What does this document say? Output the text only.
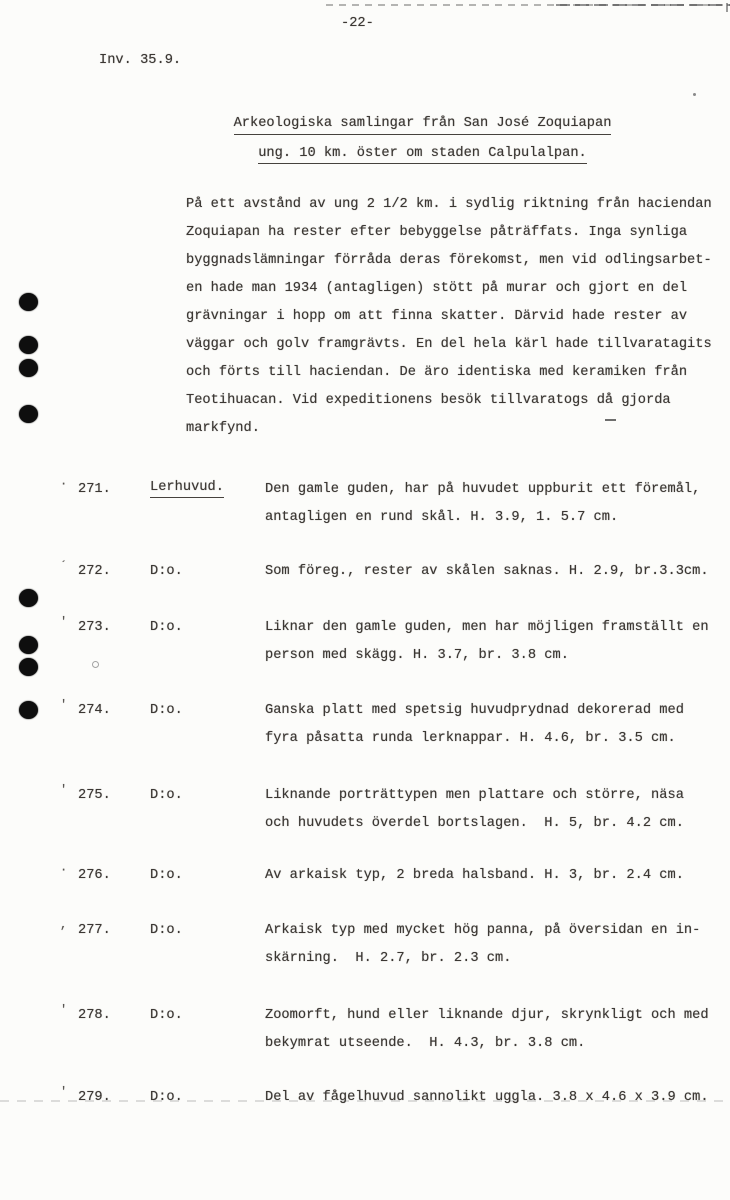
-22-
Inv. 35.9.
Arkeologiska samlingar från San José Zoquiapan
ung. 10 km. öster om staden Calpulalpan.
På ett avstånd av ung 2 1/2 km. i sydlig riktning från haciendan
Zoquiapan ha rester efter bebyggelse påträffats. Inga synliga
byggnadslämningar förråda deras förekomst, men vid odlingsarbet-
en hade man 1934 (antagligen) stött på murar och gjort en del
grävningar i hopp om att finna skatter. Därvid hade rester av
väggar och golv framgrävts. En del hela kärl hade tillvaratagits
och förts till haciendan. De äro identiska med keramiken från
Teotihuacan. Vid expeditionens besök tillvaratogs då gjorda
markfynd.
· 271.	Lerhuvud.	Den gamle guden, har på huvudet uppburit ett föremål,
antagligen en rund skål. H. 3.9, 1. 5.7 cm.
´ 272.	D:o.	Som föreg., rester av skålen saknas. H. 2.9, br.3.3cm.
' 273.	D:o.	Liknar den gamle guden, men har möjligen framställt en
person med skägg. H. 3.7, br. 3.8 cm.
' 274.	D:o.	Ganska platt med spetsig huvudprydnad dekorerad med
fyra påsatta runda lerknappar. H. 4.6, br. 3.5 cm.
' 275.	D:o.	Liknande porträttypen men plattare och större, näsa
och huvudets överdel bortslagen.  H. 5, br. 4.2 cm.
· 276.	D:o.	Av arkaisk typ, 2 breda halsband. H. 3, br. 2.4 cm.
, 277.	D:o.	Arkaisk typ med mycket hög panna, på översidan en in-
skärning.  H. 2.7, br. 2.3 cm.
' 278.	D:o.	Zoomorft, hund eller liknande djur, skrynkligt och med
bekymrat utseende.  H. 4.3, br. 3.8 cm.
' 279.	D:o.	Del av fågelhuvud sannolikt uggla. 3.8 x 4.6 x 3.9 cm.
